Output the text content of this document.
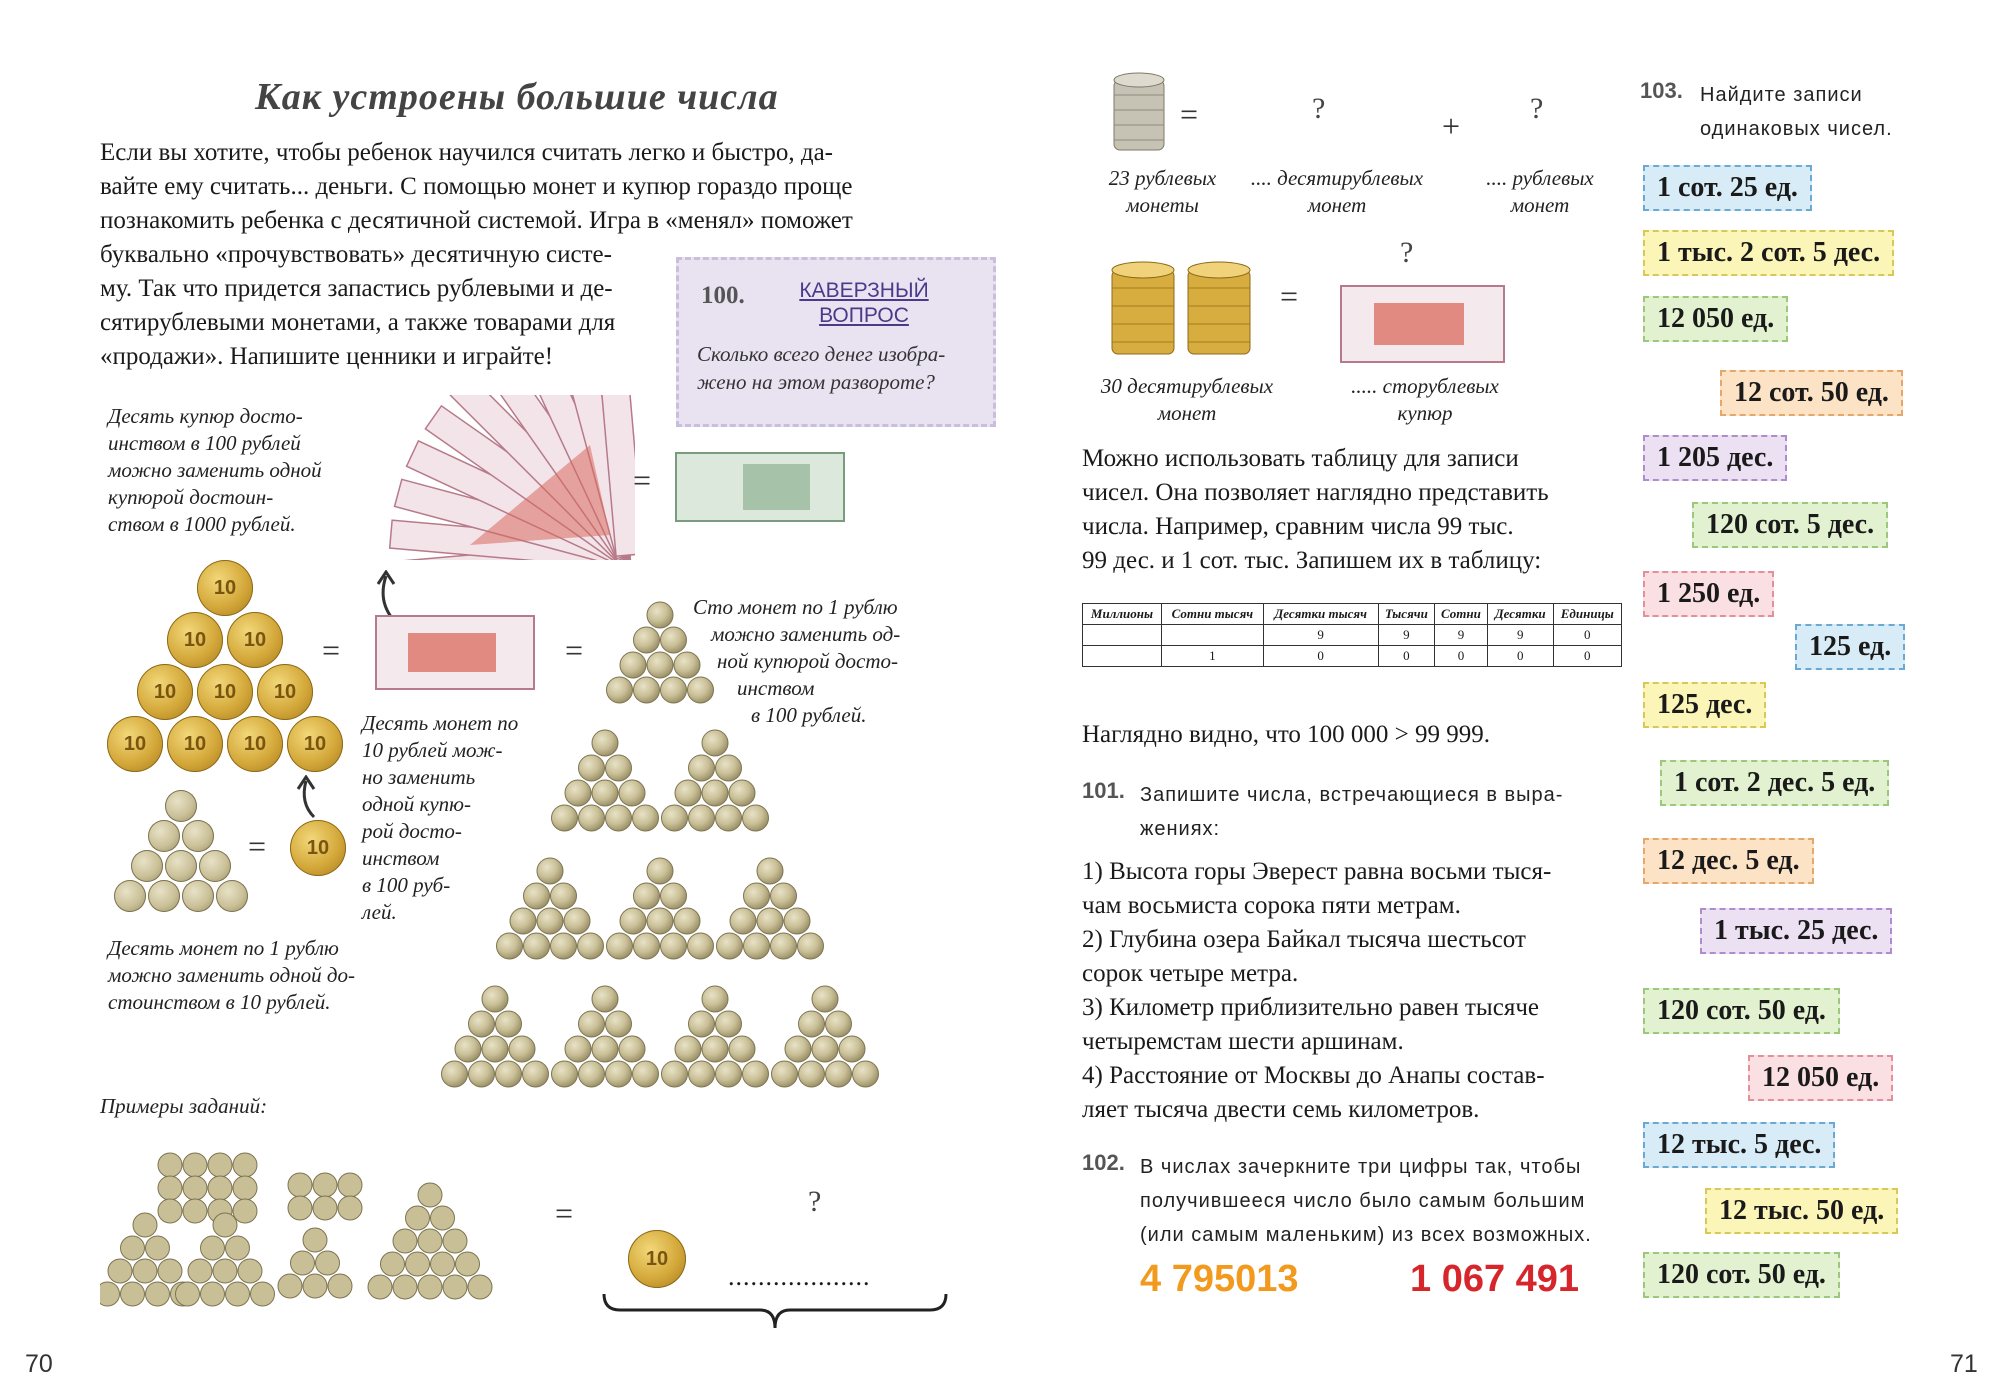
Как устроены большие числа
Если вы хотите, чтобы ребенок научился считать легко и быстро, да-
вайте ему считать... деньги. С помощью монет и купюр гораздо проще
познакомить ребенка с десятичной системой. Игра в «менял» поможет
буквально «прочувствовать» десятичную систе-
му. Так что придется запастись рублевыми и де-
сятирублевыми монетами, а также товарами для
«продажи». Напишите ценники и играйте!
100.	КАВЕРЗНЫЙ
ВОПРОС
Сколько всего денег изобра-
жено на этом развороте?
Десять купюр досто-
инством в 100 рублей
можно заменить одной
купюрой достоин-
ством в 1000 рублей.
=
10
10	10
10	10	10
10	10	10	10
=	=
Сто монет по 1 рублю
можно заменить од-
ной купюрой досто-
инством
в 100 рублей.
Десять монет по
10 рублей мож-
но заменить
одной купю-
рой досто-
инством
в 100 руб-
лей.
=	10
Десять монет по 1 рублю
можно заменить одной до-
стоинством в 10 рублей.
Примеры заданий:
=	?
10
...................
70
=	?	+ ?
23 рублевых
монеты
.... десятирублевых
монет
.... рублевых
монет
=
?
30 десятирублевых
монет
..... сторублевых
купюр
Можно использовать таблицу для записи
чисел. Она позволяет наглядно представить
числа. Например, сравним числа 99 тыс.
99 дес. и 1 сот. тыс. Запишем их в таблицу:
Миллионы	Сотни тысяч	Десятки тысяч	Тысячи	Сотни	Десятки	Единицы
		9	9	9	9	0
	1	0	0	0	0	0
Наглядно видно, что 100 000 > 99 999.
101. Запишите числа, встречающиеся в выра-
жениях:
1) Высота горы Эверест равна восьми тыся-
чам восьмиста сорока пяти метрам.
2) Глубина озера Байкал тысяча шестьсот
сорок четыре метра.
3) Километр приблизительно равен тысяче
четыремстам шести аршинам.
4) Расстояние от Москвы до Анапы состав-
ляет тысяча двести семь километров.
102. В числах зачеркните три цифры так, чтобы
получившееся число было самым большим
(или самым маленьким) из всех возможных.
4 795013	1 067 491
103. Найдите записи
одинаковых чисел.
1 сот. 25 ед.
1 тыс. 2 сот. 5 дес.
12 050 ед.
12 сот. 50 ед.
1 205 дес.
120 сот. 5 дес.
1 250 ед.
125 ед.
125 дес.
1 сот. 2 дес. 5 ед.
12 дес. 5 ед.
1 тыс. 25 дес.
120 сот. 50 ед.
12 050 ед.
12 тыс. 5 дес.
12 тыс. 50 ед.
120 сот. 50 ед.
71
